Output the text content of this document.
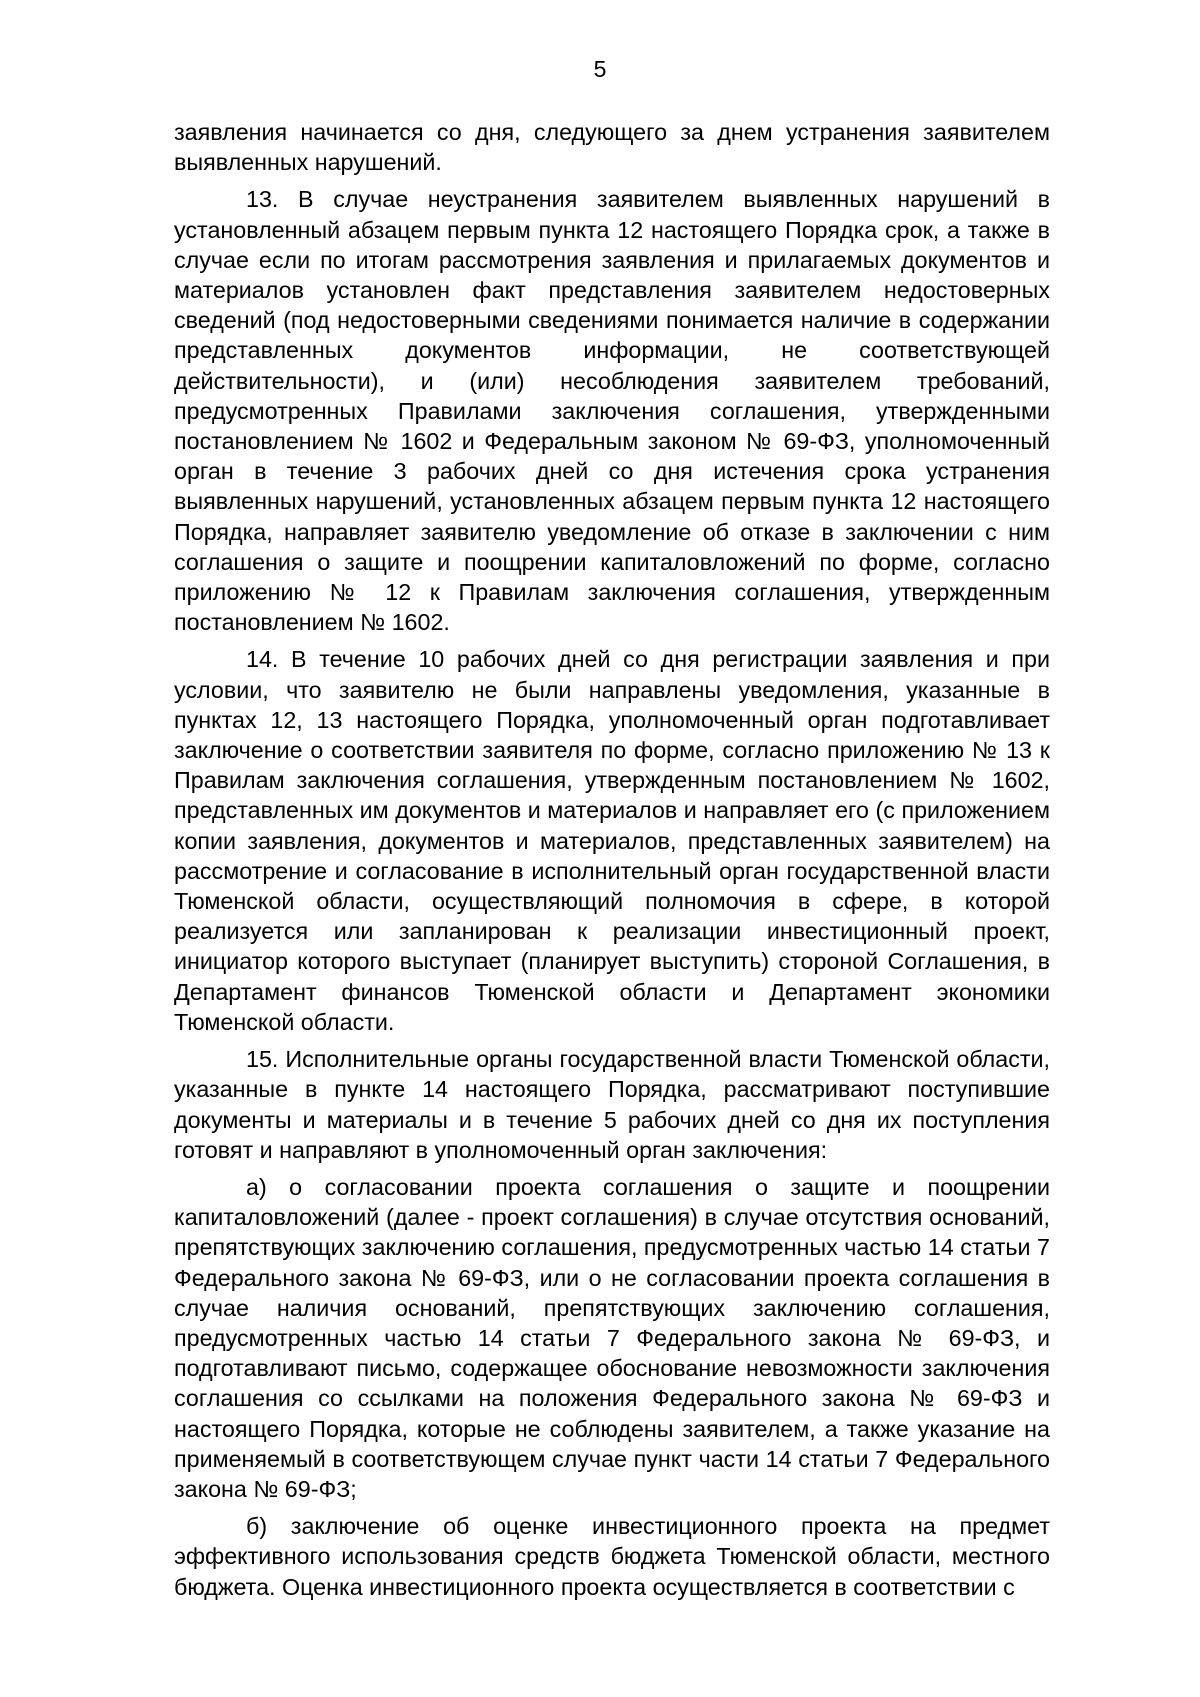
5

заявления начинается со дня, следующего за днем устранения заявителем выявленных нарушений.

13. В случае неустранения заявителем выявленных нарушений в установленный абзацем первым пункта 12 настоящего Порядка срок, а также в случае если по итогам рассмотрения заявления и прилагаемых документов и материалов установлен факт представления заявителем недостоверных сведений (под недостоверными сведениями понимается наличие в содержании представленных документов информации, не соответствующей действительности), и (или) несоблюдения заявителем требований, предусмотренных Правилами заключения соглашения, утвержденными постановлением № 1602 и Федеральным законом № 69-ФЗ, уполномоченный орган в течение 3 рабочих дней со дня истечения срока устранения выявленных нарушений, установленных абзацем первым пункта 12 настоящего Порядка, направляет заявителю уведомление об отказе в заключении с ним соглашения о защите и поощрении капиталовложений по форме, согласно приложению № 12 к Правилам заключения соглашения, утвержденным постановлением № 1602.

14. В течение 10 рабочих дней со дня регистрации заявления и при условии, что заявителю не были направлены уведомления, указанные в пунктах 12, 13 настоящего Порядка, уполномоченный орган подготавливает заключение о соответствии заявителя по форме, согласно приложению № 13 к Правилам заключения соглашения, утвержденным постановлением № 1602, представленных им документов и материалов и направляет его (с приложением копии заявления, документов и материалов, представленных заявителем) на рассмотрение и согласование в исполнительный орган государственной власти Тюменской области, осуществляющий полномочия в сфере, в которой реализуется или запланирован к реализации инвестиционный проект, инициатор которого выступает (планирует выступить) стороной Соглашения, в Департамент финансов Тюменской области и Департамент экономики Тюменской области.

15. Исполнительные органы государственной власти Тюменской области, указанные в пункте 14 настоящего Порядка, рассматривают поступившие документы и материалы и в течение 5 рабочих дней со дня их поступления готовят и направляют в уполномоченный орган заключения:

а) о согласовании проекта соглашения о защите и поощрении капиталовложений (далее - проект соглашения) в случае отсутствия оснований, препятствующих заключению соглашения, предусмотренных частью 14 статьи 7 Федерального закона № 69-ФЗ, или о не согласовании проекта соглашения в случае наличия оснований, препятствующих заключению соглашения, предусмотренных частью 14 статьи 7 Федерального закона № 69-ФЗ, и подготавливают письмо, содержащее обоснование невозможности заключения соглашения со ссылками на положения Федерального закона № 69-ФЗ и настоящего Порядка, которые не соблюдены заявителем, а также указание на применяемый в соответствующем случае пункт части 14 статьи 7 Федерального закона № 69-ФЗ;

б) заключение об оценке инвестиционного проекта на предмет эффективного использования средств бюджета Тюменской области, местного бюджета. Оценка инвестиционного проекта осуществляется в соответствии с
